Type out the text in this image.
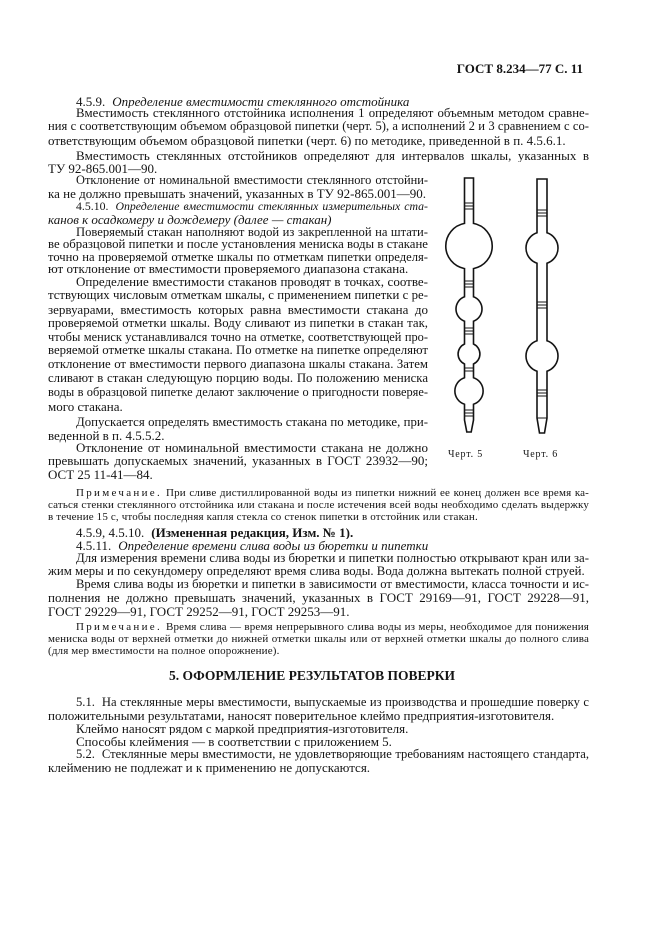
ГОСТ 8.234—77 С. 11
4.5.9. Определение вместимости стеклянного отстойника
Вместимость стеклянного отстойника исполнения 1 определяют объемным методом сравне-
ния с соответствующим объемом образцовой пипетки (черт. 5), а исполнений 2 и 3 сравнением с со-
ответствующим объемом образцовой пипетки (черт. 6) по методике, приведенной в п. 4.5.6.1.
Вместимость стеклянных отстойников определяют для интервалов шкалы, указанных в
ТУ 92-865.001—90.
Отклонение от номинальной вместимости стеклянного отстойни-
ка не должно превышать значений, указанных в ТУ 92-865.001—90.
4.5.10. Определение вместимости стеклянных измерительных ста-
канов к осадкомеру и дождемеру (далее — стакан)
Поверяемый стакан наполняют водой из закрепленной на штати-
ве образцовой пипетки и после установления мениска воды в стакане
точно на проверяемой отметке шкалы по отметкам пипетки определя-
ют отклонение от вместимости проверяемого диапазона стакана.
Определение вместимости стаканов проводят в точках, соотве-
тствующих числовым отметкам шкалы, с применением пипетки с ре-
зервуарами, вместимость которых равна вместимости стакана до
проверяемой отметки шкалы. Воду сливают из пипетки в стакан так,
чтобы мениск устанавливался точно на отметке, соответствующей про-
веряемой отметке шкалы стакана. По отметке на пипетке определяют
отклонение от вместимости первого диапазона шкалы стакана. Затем
сливают в стакан следующую порцию воды. По положению мениска
воды в образцовой пипетке делают заключение о пригодности поверяе-
мого стакана.
Допускается определять вместимость стакана по методике, при-
веденной в п. 4.5.5.2.
Отклонение от номинальной вместимости стакана не должно
превышать допускаемых значений, указанных в ГОСТ 23932—90;
ОСТ 25 11-41—84.
Черт. 5	Черт. 6
Примечание. При сливе дистиллированной воды из пипетки нижний ее конец должен все время ка-
саться стенки стеклянного отстойника или стакана и после истечения всей воды необходимо сделать выдержку
в течение 15 с, чтобы последняя капля стекла со стенок пипетки в отстойник или стакан.
4.5.9, 4.5.10. (Измененная редакция, Изм. № 1).
4.5.11. Определение времени слива воды из бюретки и пипетки
Для измерения времени слива воды из бюретки и пипетки полностью открывают кран или за-
жим меры и по секундомеру определяют время слива воды. Вода должна вытекать полной струей.
Время слива воды из бюретки и пипетки в зависимости от вместимости, класса точности и ис-
полнения не должно превышать значений, указанных в ГОСТ 29169—91, ГОСТ 29228—91,
ГОСТ 29229—91, ГОСТ 29252—91, ГОСТ 29253—91.
Примечание. Время слива — время непрерывного слива воды из меры, необходимое для понижения
мениска воды от верхней отметки до нижней отметки шкалы или от верхней отметки шкалы до полного слива
(для мер вместимости на полное опорожнение).
5. ОФОРМЛЕНИЕ РЕЗУЛЬТАТОВ ПОВЕРКИ
5.1. На стеклянные меры вместимости, выпускаемые из производства и прошедшие поверку с
положительными результатами, наносят поверительное клеймо предприятия-изготовителя.
Клеймо наносят рядом с маркой предприятия-изготовителя.
Способы клеймения — в соответствии с приложением 5.
5.2. Стеклянные меры вместимости, не удовлетворяющие требованиям настоящего стандарта,
клеймению не подлежат и к применению не допускаются.
